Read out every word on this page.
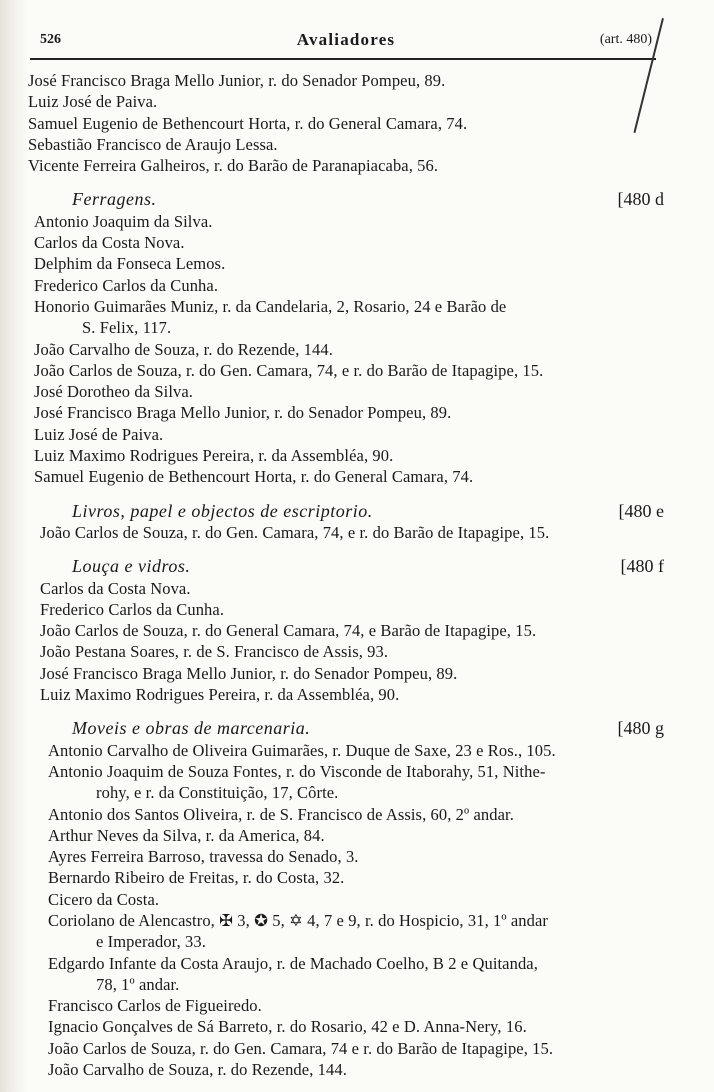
526	Avaliadores	(art. 480)
José Francisco Braga Mello Junior, r. do Senador Pompeu, 89.
Luiz José de Paiva.
Samuel Eugenio de Bethencourt Horta, r. do General Camara, 74.
Sebastião Francisco de Araujo Lessa.
Vicente Ferreira Galheiros, r. do Barão de Paranapiacaba, 56.
Ferragens.	[480 d
Antonio Joaquim da Silva.
Carlos da Costa Nova.
Delphim da Fonseca Lemos.
Frederico Carlos da Cunha.
Honorio Guimarães Muniz, r. da Candelaria, 2, Rosario, 24 e Barão de
S. Felix, 117.
João Carvalho de Souza, r. do Rezende, 144.
João Carlos de Souza, r. do Gen. Camara, 74, e r. do Barão de Itapagipe, 15.
José Dorotheo da Silva.
José Francisco Braga Mello Junior, r. do Senador Pompeu, 89.
Luiz José de Paiva.
Luiz Maximo Rodrigues Pereira, r. da Assembléa, 90.
Samuel Eugenio de Bethencourt Horta, r. do General Camara, 74.
Livros, papel e objectos de escriptorio.	[480 e
João Carlos de Souza, r. do Gen. Camara, 74, e r. do Barão de Itapagipe, 15.
Louça e vidros.	[480 f
Carlos da Costa Nova.
Frederico Carlos da Cunha.
João Carlos de Souza, r. do General Camara, 74, e Barão de Itapagipe, 15.
João Pestana Soares, r. de S. Francisco de Assis, 93.
José Francisco Braga Mello Junior, r. do Senador Pompeu, 89.
Luiz Maximo Rodrigues Pereira, r. da Assembléa, 90.
Moveis e obras de marcenaria.	[480 g
Antonio Carvalho de Oliveira Guimarães, r. Duque de Saxe, 23 e Ros., 105.
Antonio Joaquim de Souza Fontes, r. do Visconde de Itaborahy, 51, Nithe-
rohy, e r. da Constituição, 17, Côrte.
Antonio dos Santos Oliveira, r. de S. Francisco de Assis, 60, 2º andar.
Arthur Neves da Silva, r. da America, 84.
Ayres Ferreira Barroso, travessa do Senado, 3.
Bernardo Ribeiro de Freitas, r. do Costa, 32.
Cicero da Costa.
Coriolano de Alencastro, ✠ 3, ✪ 5, ✡ 4, 7 e 9, r. do Hospicio, 31, 1º andar
e Imperador, 33.
Edgardo Infante da Costa Araujo, r. de Machado Coelho, B 2 e Quitanda,
78, 1º andar.
Francisco Carlos de Figueiredo.
Ignacio Gonçalves de Sá Barreto, r. do Rosario, 42 e D. Anna-Nery, 16.
João Carlos de Souza, r. do Gen. Camara, 74 e r. do Barão de Itapagipe, 15.
João Carvalho de Souza, r. do Rezende, 144.
